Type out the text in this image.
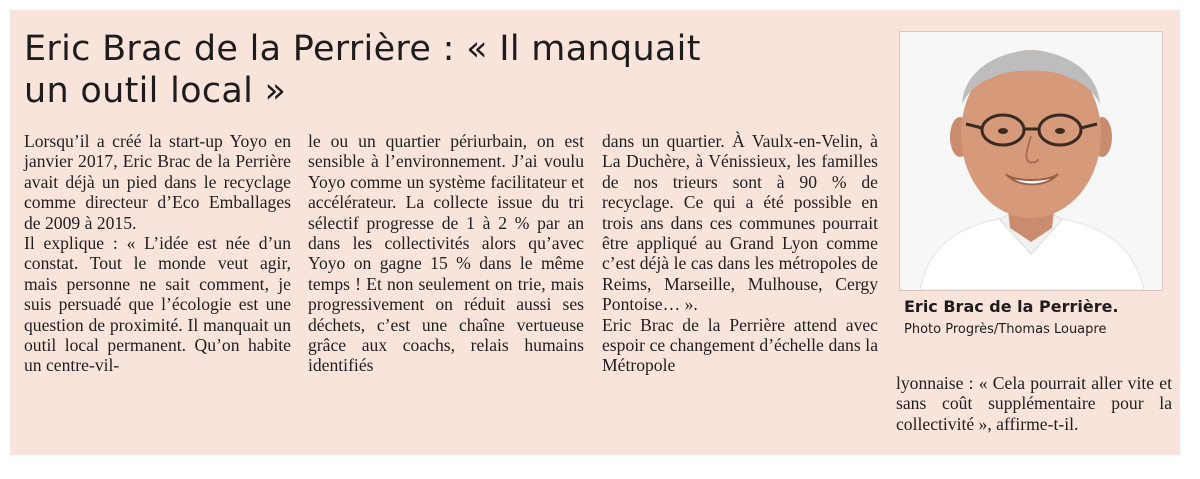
Eric Brac de la Perrière : « Il manquait
un outil local »

Lorsqu’il a créé la start-up Yoyo en janvier 2017, Eric Brac de la Perrière avait déjà un pied dans le recyclage comme directeur d’Eco Emballages de 2009 à 2015.

Il explique : « L’idée est née d’un constat. Tout le monde veut agir, mais personne ne sait comment, je suis persuadé que l’écologie est une question de proximité. Il manquait un outil local permanent. Qu’on habite un centre-vil-

le ou un quartier périurbain, on est sensible à l’environnement. J’ai voulu Yoyo comme un système facilitateur et accélérateur. La collecte issue du tri sélectif progresse de 1 à 2 % par an dans les collectivités alors qu’avec Yoyo on gagne 15 % dans le même temps ! Et non seulement on trie, mais progressivement on réduit aussi ses déchets, c’est une chaîne vertueuse grâce aux coachs, relais humains identifiés

dans un quartier. À Vaulx-en-Velin, à La Duchère, à Vénissieux, les familles de nos trieurs sont à 90 % de recyclage. Ce qui a été possible en trois ans dans ces communes pourrait être appliqué au Grand Lyon comme c’est déjà le cas dans les métropoles de Reims, Marseille, Mulhouse, Cergy Pontoise… ».

Eric Brac de la Perrière attend avec espoir ce changement d’échelle dans la Métropole

lyonnaise : « Cela pourrait aller vite et sans coût supplémentaire pour la collectivité », affirme-t-il.

Eric Brac de la Perrière.
Photo Progrès/Thomas Louapre
